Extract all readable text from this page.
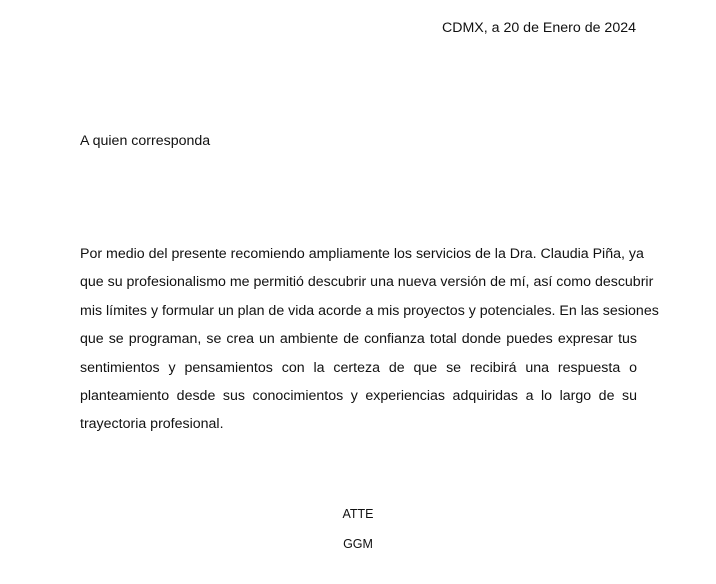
CDMX, a 20 de Enero de 2024
A quien corresponda
Por medio del presente recomiendo ampliamente los servicios de la Dra. Claudia Piña, ya
que su profesionalismo me permitió descubrir una nueva versión de mí, así como descubrir
mis límites y formular un plan de vida acorde a mis proyectos y potenciales. En las sesiones
que se programan, se crea un ambiente de confianza total donde puedes expresar tus
sentimientos y pensamientos con la certeza de que se recibirá una respuesta o
planteamiento desde sus conocimientos y experiencias adquiridas a lo largo de su
trayectoria profesional.
ATTE
GGM
